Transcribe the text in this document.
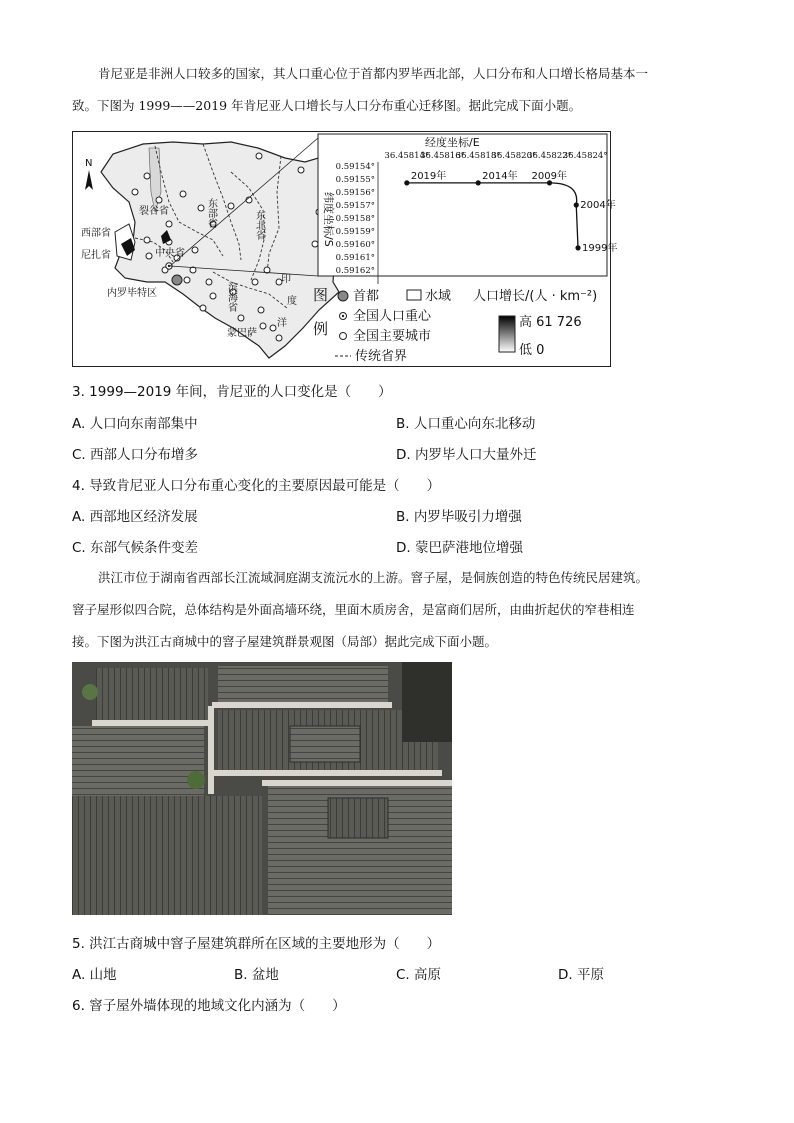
肯尼亚是非洲人口较多的国家，其人口重心位于首都内罗毕西北部，人口分布和人口增长格局基本一
致。下图为 1999——2019 年肯尼亚人口增长与人口分布重心迁移图。据此完成下面小题。
N
裂谷省	东部省	东北省
西部省
尼扎省	中央省
滨海省
内罗毕特区
蒙巴萨
印
度
洋
经度坐标/E
36.45814°
36.45816°
36.45818°
36.45820°
36.45822°
36.45824°
0.59154°
0.59155°
0.59156°
0.59157°
0.59158°
0.59159°
0.59160°
0.59161°
0.59162°
纬度坐标/S
2019年	2014年 2009年
2004年
1999年
图
例
首都	水域 人口增长/(人 · km⁻²)
全国人口重心
全国主要城市
传统省界
高 61 726
低 0
3. 1999—2019 年间，肯尼亚的人口变化是（　　）
A. 人口向东南部集中	B. 人口重心向东北移动
C. 西部人口分布增多	D. 内罗毕人口大量外迁
4. 导致肯尼亚人口分布重心变化的主要原因最可能是（　　）
A. 西部地区经济发展	B. 内罗毕吸引力增强
C. 东部气候条件变差	D. 蒙巴萨港地位增强
洪江市位于湖南省西部长江流域洞庭湖支流沅水的上游。窨子屋，是侗族创造的特色传统民居建筑。
窨子屋形似四合院，总体结构是外面高墙环绕，里面木质房舍，是富商们居所，由曲折起伏的窄巷相连
接。下图为洪江古商城中的窨子屋建筑群景观图（局部）据此完成下面小题。
5. 洪江古商城中窨子屋建筑群所在区域的主要地形为（　　）
A. 山地	B. 盆地	C. 高原	D. 平原
6. 窨子屋外墙体现的地域文化内涵为（　　）
